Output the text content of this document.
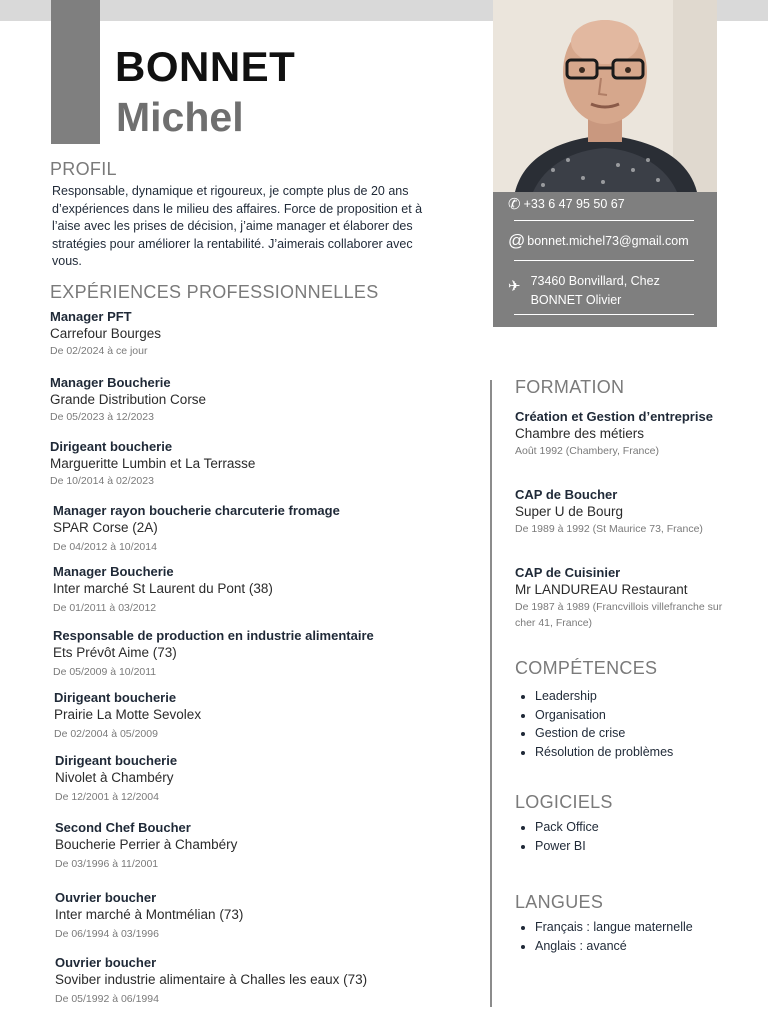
BONNET
Michel
✆ +33 6 47 95 50 67
@ bonnet.michel73@gmail.com
✈ 73460 Bonvillard, Chez
BONNET Olivier
PROFIL
Responsable, dynamique et rigoureux, je compte plus de 20 ans d’expériences dans le milieu des affaires. Force de proposition et à l’aise avec les prises de décision, j’aime manager et élaborer des stratégies pour améliorer la rentabilité. J’aimerais collaborer avec vous.
EXPÉRIENCES PROFESSIONNELLES
Manager PFT
Carrefour Bourges
De 02/2024 à ce jour
Manager Boucherie
Grande Distribution Corse
De 05/2023 à 12/2023
Dirigeant boucherie
Margueritte Lumbin et La Terrasse
De 10/2014 à 02/2023
Manager rayon boucherie charcuterie fromage
SPAR Corse (2A)
De 04/2012 à 10/2014
Manager Boucherie
Inter marché St Laurent du Pont (38)
De 01/2011 à 03/2012
Responsable de production en industrie alimentaire
Ets Prévôt Aime (73)
De 05/2009 à 10/2011
Dirigeant boucherie
Prairie La Motte Sevolex
De 02/2004 à 05/2009
Dirigeant boucherie
Nivolet à Chambéry
De 12/2001 à 12/2004
Second Chef Boucher
Boucherie Perrier à Chambéry
De 03/1996 à 11/2001
Ouvrier boucher
Inter marché à Montmélian (73)
De 06/1994 à 03/1996
Ouvrier boucher
Soviber industrie alimentaire à Challes les eaux (73)
De 05/1992 à 06/1994
FORMATION
Création et Gestion d’entreprise
Chambre des métiers
Août 1992 (Chambery, France)
CAP de Boucher
Super U de Bourg
De 1989 à 1992 (St Maurice 73, France)
CAP de Cuisinier
Mr LANDUREAU Restaurant
De 1987 à 1989 (Francvillois villefranche sur cher 41, France)
COMPÉTENCES
• Leadership
• Organisation
• Gestion de crise
• Résolution de problèmes
LOGICIELS
• Pack Office
• Power BI
LANGUES
• Français : langue maternelle
• Anglais : avancé
